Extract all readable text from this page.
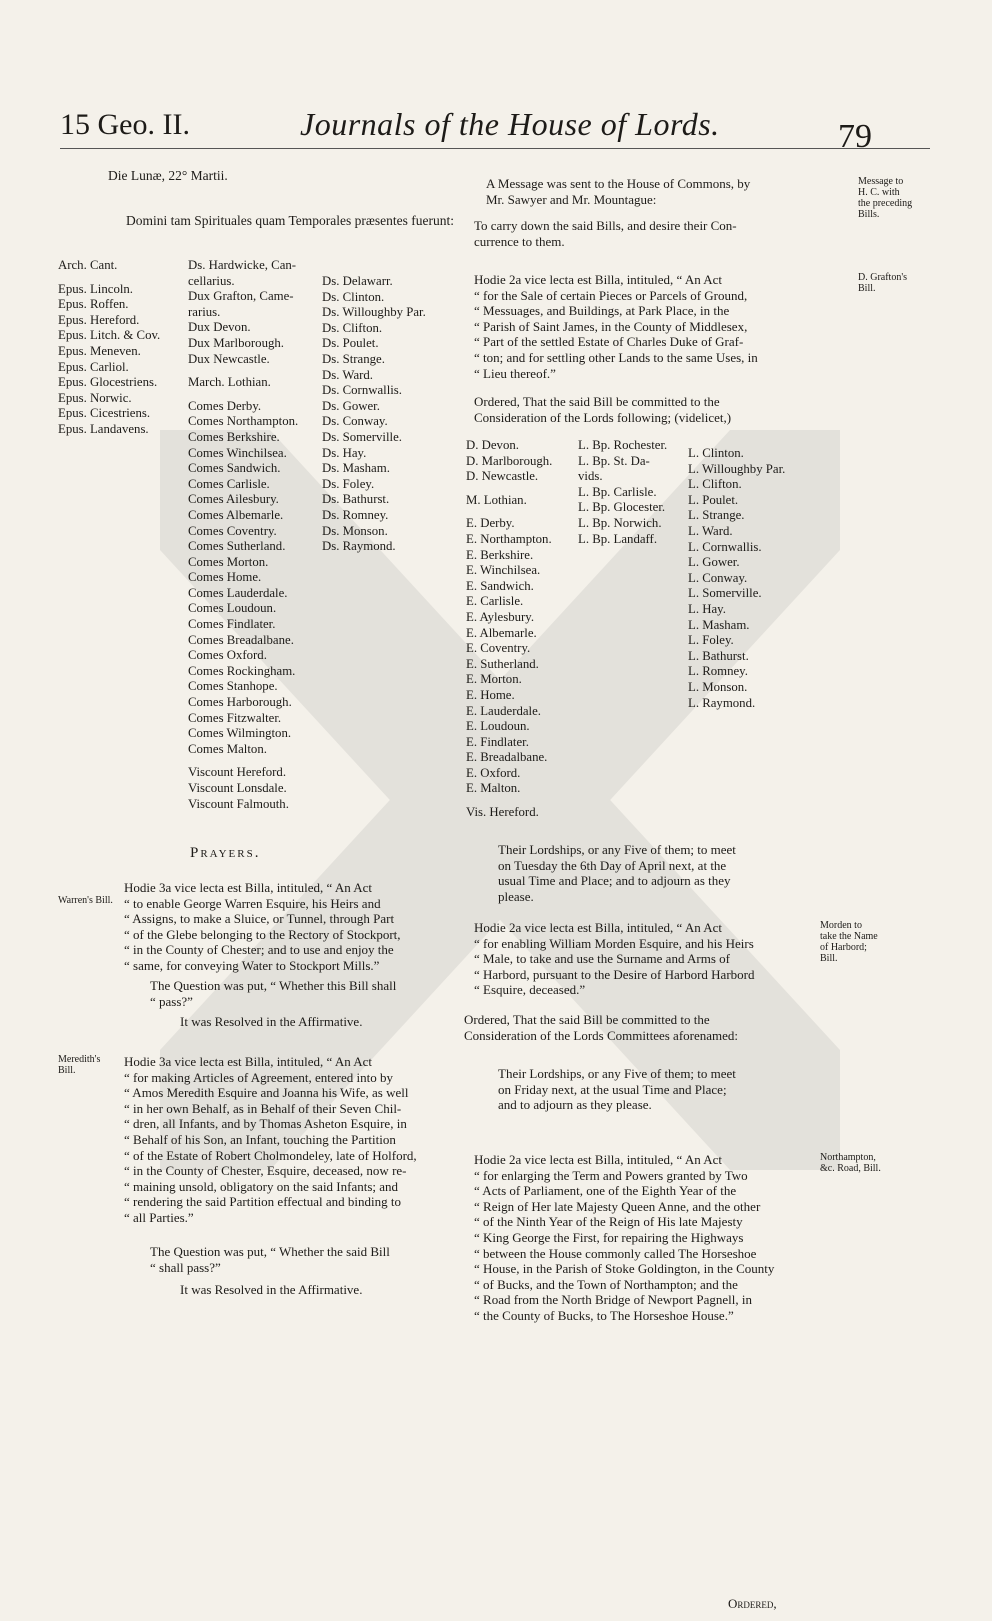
15 Geo. II.	Journals of the House of Lords.	79
Die Lunæ, 22° Martii.
Domini tam Spirituales quam Temporales præsentes fuerunt:
Arch. Cant.
Epus. Lincoln.
Epus. Roffen.
Epus. Hereford.
Epus. Litch. & Cov.
Epus. Meneven.
Epus. Carliol.
Epus. Glocestriens.
Epus. Norwic.
Epus. Cicestriens.
Epus. Landavens.
Ds. Hardwicke, Can-
cellarius.
Dux Grafton, Came-
rarius.
Dux Devon.
Dux Marlborough.
Dux Newcastle.
March. Lothian.
Comes Derby.
Comes Northampton.
Comes Berkshire.
Comes Winchilsea.
Comes Sandwich.
Comes Carlisle.
Comes Ailesbury.
Comes Albemarle.
Comes Coventry.
Comes Sutherland.
Comes Morton.
Comes Home.
Comes Lauderdale.
Comes Loudoun.
Comes Findlater.
Comes Breadalbane.
Comes Oxford.
Comes Rockingham.
Comes Stanhope.
Comes Harborough.
Comes Fitzwalter.
Comes Wilmington.
Comes Malton.
Viscount Hereford.
Viscount Lonsdale.
Viscount Falmouth.
Ds. Delawarr.
Ds. Clinton.
Ds. Willoughby Par.
Ds. Clifton.
Ds. Poulet.
Ds. Strange.
Ds. Ward.
Ds. Cornwallis.
Ds. Gower.
Ds. Conway.
Ds. Somerville.
Ds. Hay.
Ds. Masham.
Ds. Foley.
Ds. Bathurst.
Ds. Romney.
Ds. Monson.
Ds. Raymond.
Prayers.
Warren's Bill.
Hodie 3a vice lecta est Billa, intituled, “ An Act
“ to enable George Warren Esquire, his Heirs and
“ Assigns, to make a Sluice, or Tunnel, through Part
“ of the Glebe belonging to the Rectory of Stockport,
“ in the County of Chester; and to use and enjoy the
“ same, for conveying Water to Stockport Mills.”
The Question was put, “ Whether this Bill shall
“ pass?”
It was Resolved in the Affirmative.
Meredith's
Bill.
Hodie 3a vice lecta est Billa, intituled, “ An Act
“ for making Articles of Agreement, entered into by
“ Amos Meredith Esquire and Joanna his Wife, as well
“ in her own Behalf, as in Behalf of their Seven Chil-
“ dren, all Infants, and by Thomas Asheton Esquire, in
“ Behalf of his Son, an Infant, touching the Partition
“ of the Estate of Robert Cholmondeley, late of Holford,
“ in the County of Chester, Esquire, deceased, now re-
“ maining unsold, obligatory on the said Infants; and
“ rendering the said Partition effectual and binding to
“ all Parties.”
The Question was put, “ Whether the said Bill
“ shall pass?”
It was Resolved in the Affirmative.
A Message was sent to the House of Commons, by
Mr. Sawyer and Mr. Mountague:
Message to
H. C. with
the preceding
Bills.
To carry down the said Bills, and desire their Con-
currence to them.
D. Grafton's
Bill.
Hodie 2a vice lecta est Billa, intituled, “ An Act
“ for the Sale of certain Pieces or Parcels of Ground,
“ Messuages, and Buildings, at Park Place, in the
“ Parish of Saint James, in the County of Middlesex,
“ Part of the settled Estate of Charles Duke of Graf-
“ ton; and for settling other Lands to the same Uses, in
“ Lieu thereof.”
Ordered, That the said Bill be committed to the
Consideration of the Lords following; (videlicet,)
D. Devon.
D. Marlborough.
D. Newcastle.
M. Lothian.
E. Derby.
E. Northampton.
E. Berkshire.
E. Winchilsea.
E. Sandwich.
E. Carlisle.
E. Aylesbury.
E. Albemarle.
E. Coventry.
E. Sutherland.
E. Morton.
E. Home.
E. Lauderdale.
E. Loudoun.
E. Findlater.
E. Breadalbane.
E. Oxford.
E. Malton.
Vis. Hereford.
L. Bp. Rochester.
L. Bp. St. Da-
vids.
L. Bp. Carlisle.
L. Bp. Glocester.
L. Bp. Norwich.
L. Bp. Landaff.
L. Clinton.
L. Willoughby Par.
L. Clifton.
L. Poulet.
L. Strange.
L. Ward.
L. Cornwallis.
L. Gower.
L. Conway.
L. Somerville.
L. Hay.
L. Masham.
L. Foley.
L. Bathurst.
L. Romney.
L. Monson.
L. Raymond.
Their Lordships, or any Five of them; to meet
on Tuesday the 6th Day of April next, at the
usual Time and Place; and to adjourn as they
please.
Morden to
take the Name
of Harbord;
Bill.
Hodie 2a vice lecta est Billa, intituled, “ An Act
“ for enabling William Morden Esquire, and his Heirs
“ Male, to take and use the Surname and Arms of
“ Harbord, pursuant to the Desire of Harbord Harbord
“ Esquire, deceased.”
Ordered, That the said Bill be committed to the
Consideration of the Lords Committees aforenamed:
Their Lordships, or any Five of them; to meet
on Friday next, at the usual Time and Place;
and to adjourn as they please.
Northampton,
&c. Road, Bill.
Hodie 2a vice lecta est Billa, intituled, “ An Act
“ for enlarging the Term and Powers granted by Two
“ Acts of Parliament, one of the Eighth Year of the
“ Reign of Her late Majesty Queen Anne, and the other
“ of the Ninth Year of the Reign of His late Majesty
“ King George the First, for repairing the Highways
“ between the House commonly called The Horseshoe
“ House, in the Parish of Stoke Goldington, in the County
“ of Bucks, and the Town of Northampton; and the
“ Road from the North Bridge of Newport Pagnell, in
“ the County of Bucks, to The Horseshoe House.”
Ordered,
